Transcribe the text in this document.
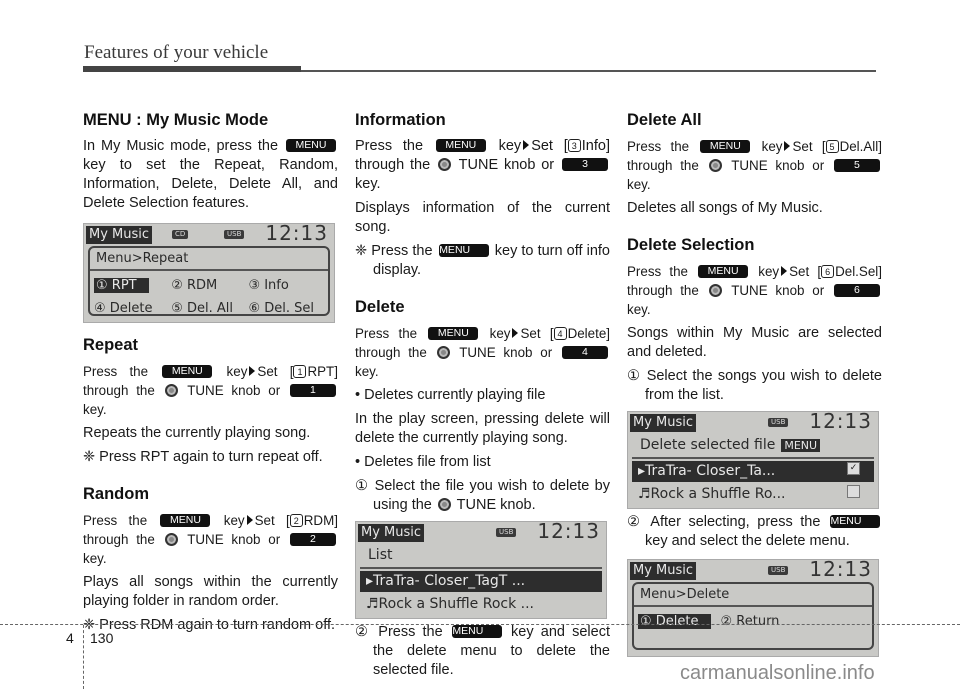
Features of your vehicle
MENU : My Music Mode

In My Music mode, press the MENU key to set the Repeat, Random, Information, Delete, Delete All, and Delete Selection features.

My Music	CD	USB 12:13
Menu>Repeat
① RPT	② RDM	③ Info
④ Delete	⑤ Del. All	⑥ Del. Sel
Repeat

Press the MENU key Set [ 1 RPT] through the TUNE knob or	1 key.

Repeats the currently playing song.

❈ Press RPT again to turn repeat off.

Random

Press the MENU key Set [ 2 RDM] through the TUNE knob or	2 key.

Plays all songs within the currently playing folder in random order.

❈ Press RDM again to turn random off.

Information

Press the MENU key Set [ 3 Info] through the TUNE knob or	3 key.

Displays information of the current song.

❈ Press the MENU key to turn off info display.

Delete

Press the MENU key Set [ 4 Delete] through the TUNE knob or	4 key.

• Deletes currently playing file

In the play screen, pressing delete will delete the currently playing song.

• Deletes file from list

① Select the file you wish to delete by using the TUNE knob.

My Music	USB 12:13
List
▸TraTra- Closer_TagT ...
♬Rock a Shuffle Rock ...

② Press the MENU key and select the delete menu to delete the selected file.

Delete All

Press the MENU key Set [ 5 Del.All] through the TUNE knob or	5 key.

Deletes all songs of My Music.

Delete Selection

Press the MENU key Set [ 6 Del.Sel] through the TUNE knob or	6 key.

Songs within My Music are selected and deleted.

① Select the songs you wish to delete from the list.

My Music	USB 12:13
Delete selected file MENU
▸TraTra- Closer_Ta...	✓
♬Rock a Shuffle Ro...

② After selecting, press the MENU key and select the delete menu.

My Music	USB 12:13
Menu>Delete
① Delete	② Return
4 130
carmanualsonline.info
